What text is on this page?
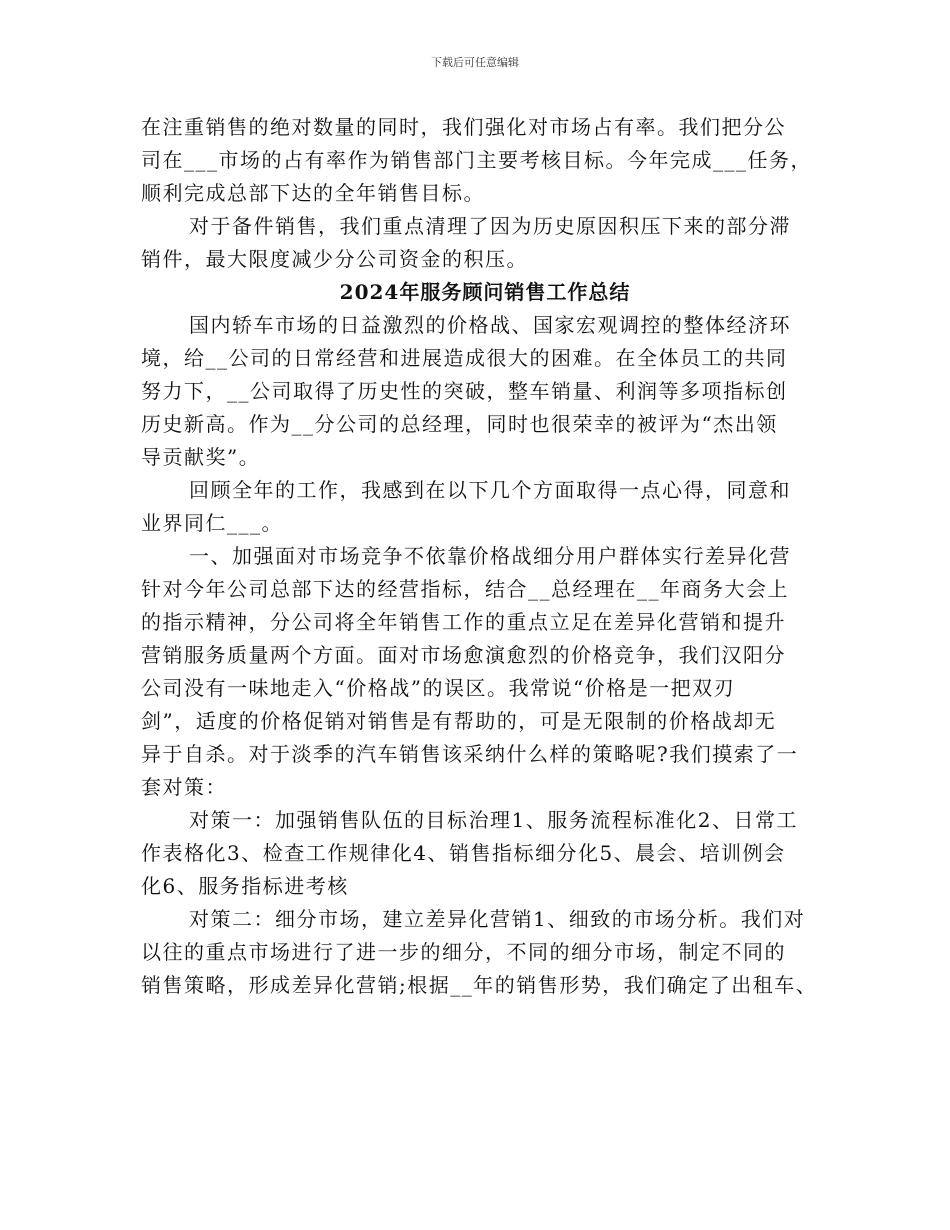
下载后可任意编辑
在注重销售的绝对数量的同时，我们强化对市场占有率。我们把分公
司在___市场的占有率作为销售部门主要考核目标。今年完成___任务，
顺利完成总部下达的全年销售目标。
对于备件销售，我们重点清理了因为历史原因积压下来的部分滞
销件，最大限度减少分公司资金的积压。
2024年服务顾问销售工作总结
国内轿车市场的日益激烈的价格战、国家宏观调控的整体经济环
境，给__公司的日常经营和进展造成很大的困难。在全体员工的共同
努力下，__公司取得了历史性的突破，整车销量、利润等多项指标创
历史新高。作为__分公司的总经理，同时也很荣幸的被评为“杰出领
导贡献奖”。
回顾全年的工作，我感到在以下几个方面取得一点心得，同意和
业界同仁___。
一、加强面对市场竞争不依靠价格战细分用户群体实行差异化营
针对今年公司总部下达的经营指标，结合__总经理在__年商务大会上
的指示精神，分公司将全年销售工作的重点立足在差异化营销和提升
营销服务质量两个方面。面对市场愈演愈烈的价格竞争，我们汉阳分
公司没有一味地走入“价格战”的误区。我常说“价格是一把双刃
剑”，适度的价格促销对销售是有帮助的，可是无限制的价格战却无
异于自杀。对于淡季的汽车销售该采纳什么样的策略呢?我们摸索了一
套对策：
对策一：加强销售队伍的目标治理1、服务流程标准化2、日常工
作表格化3、检查工作规律化4、销售指标细分化5、晨会、培训例会
化6、服务指标进考核
对策二：细分市场，建立差异化营销1、细致的市场分析。我们对
以往的重点市场进行了进一步的细分，不同的细分市场，制定不同的
销售策略，形成差异化营销;根据__年的销售形势，我们确定了出租车、
